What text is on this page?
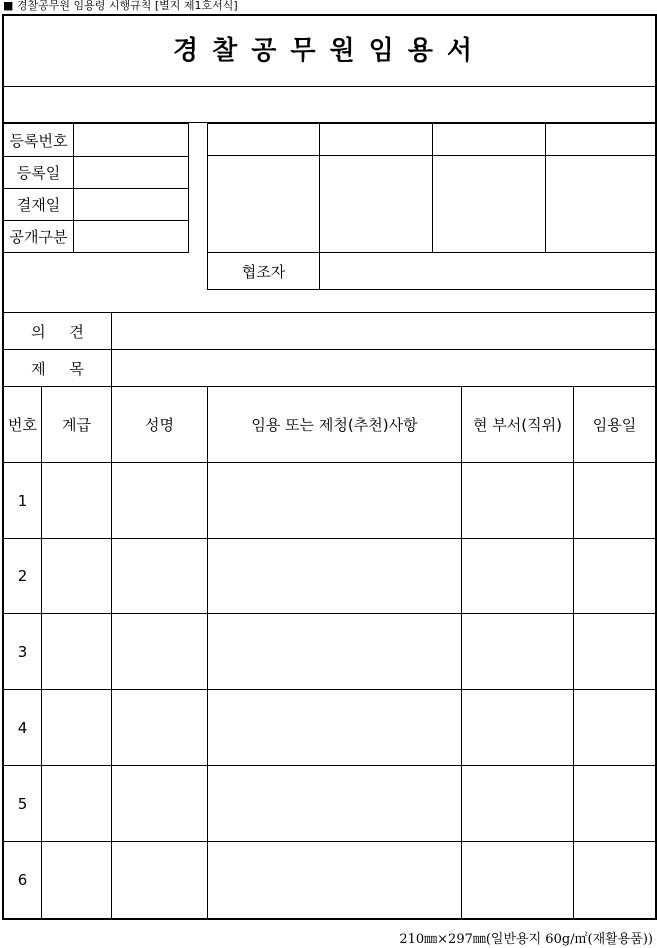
■ 경찰공무원 임용령 시행규칙 [별지 제1호서식]
경찰공무원임용서
등록번호
등록일
결재일
공개구분
협조자
의     견
제     목
번호	계급	성명	임용 또는 제청(추천)사항	현 부서(직위)	임용일
1
2
3
4
5
6
210㎜×297㎜(일반용지 60g/㎡(재활용품))
